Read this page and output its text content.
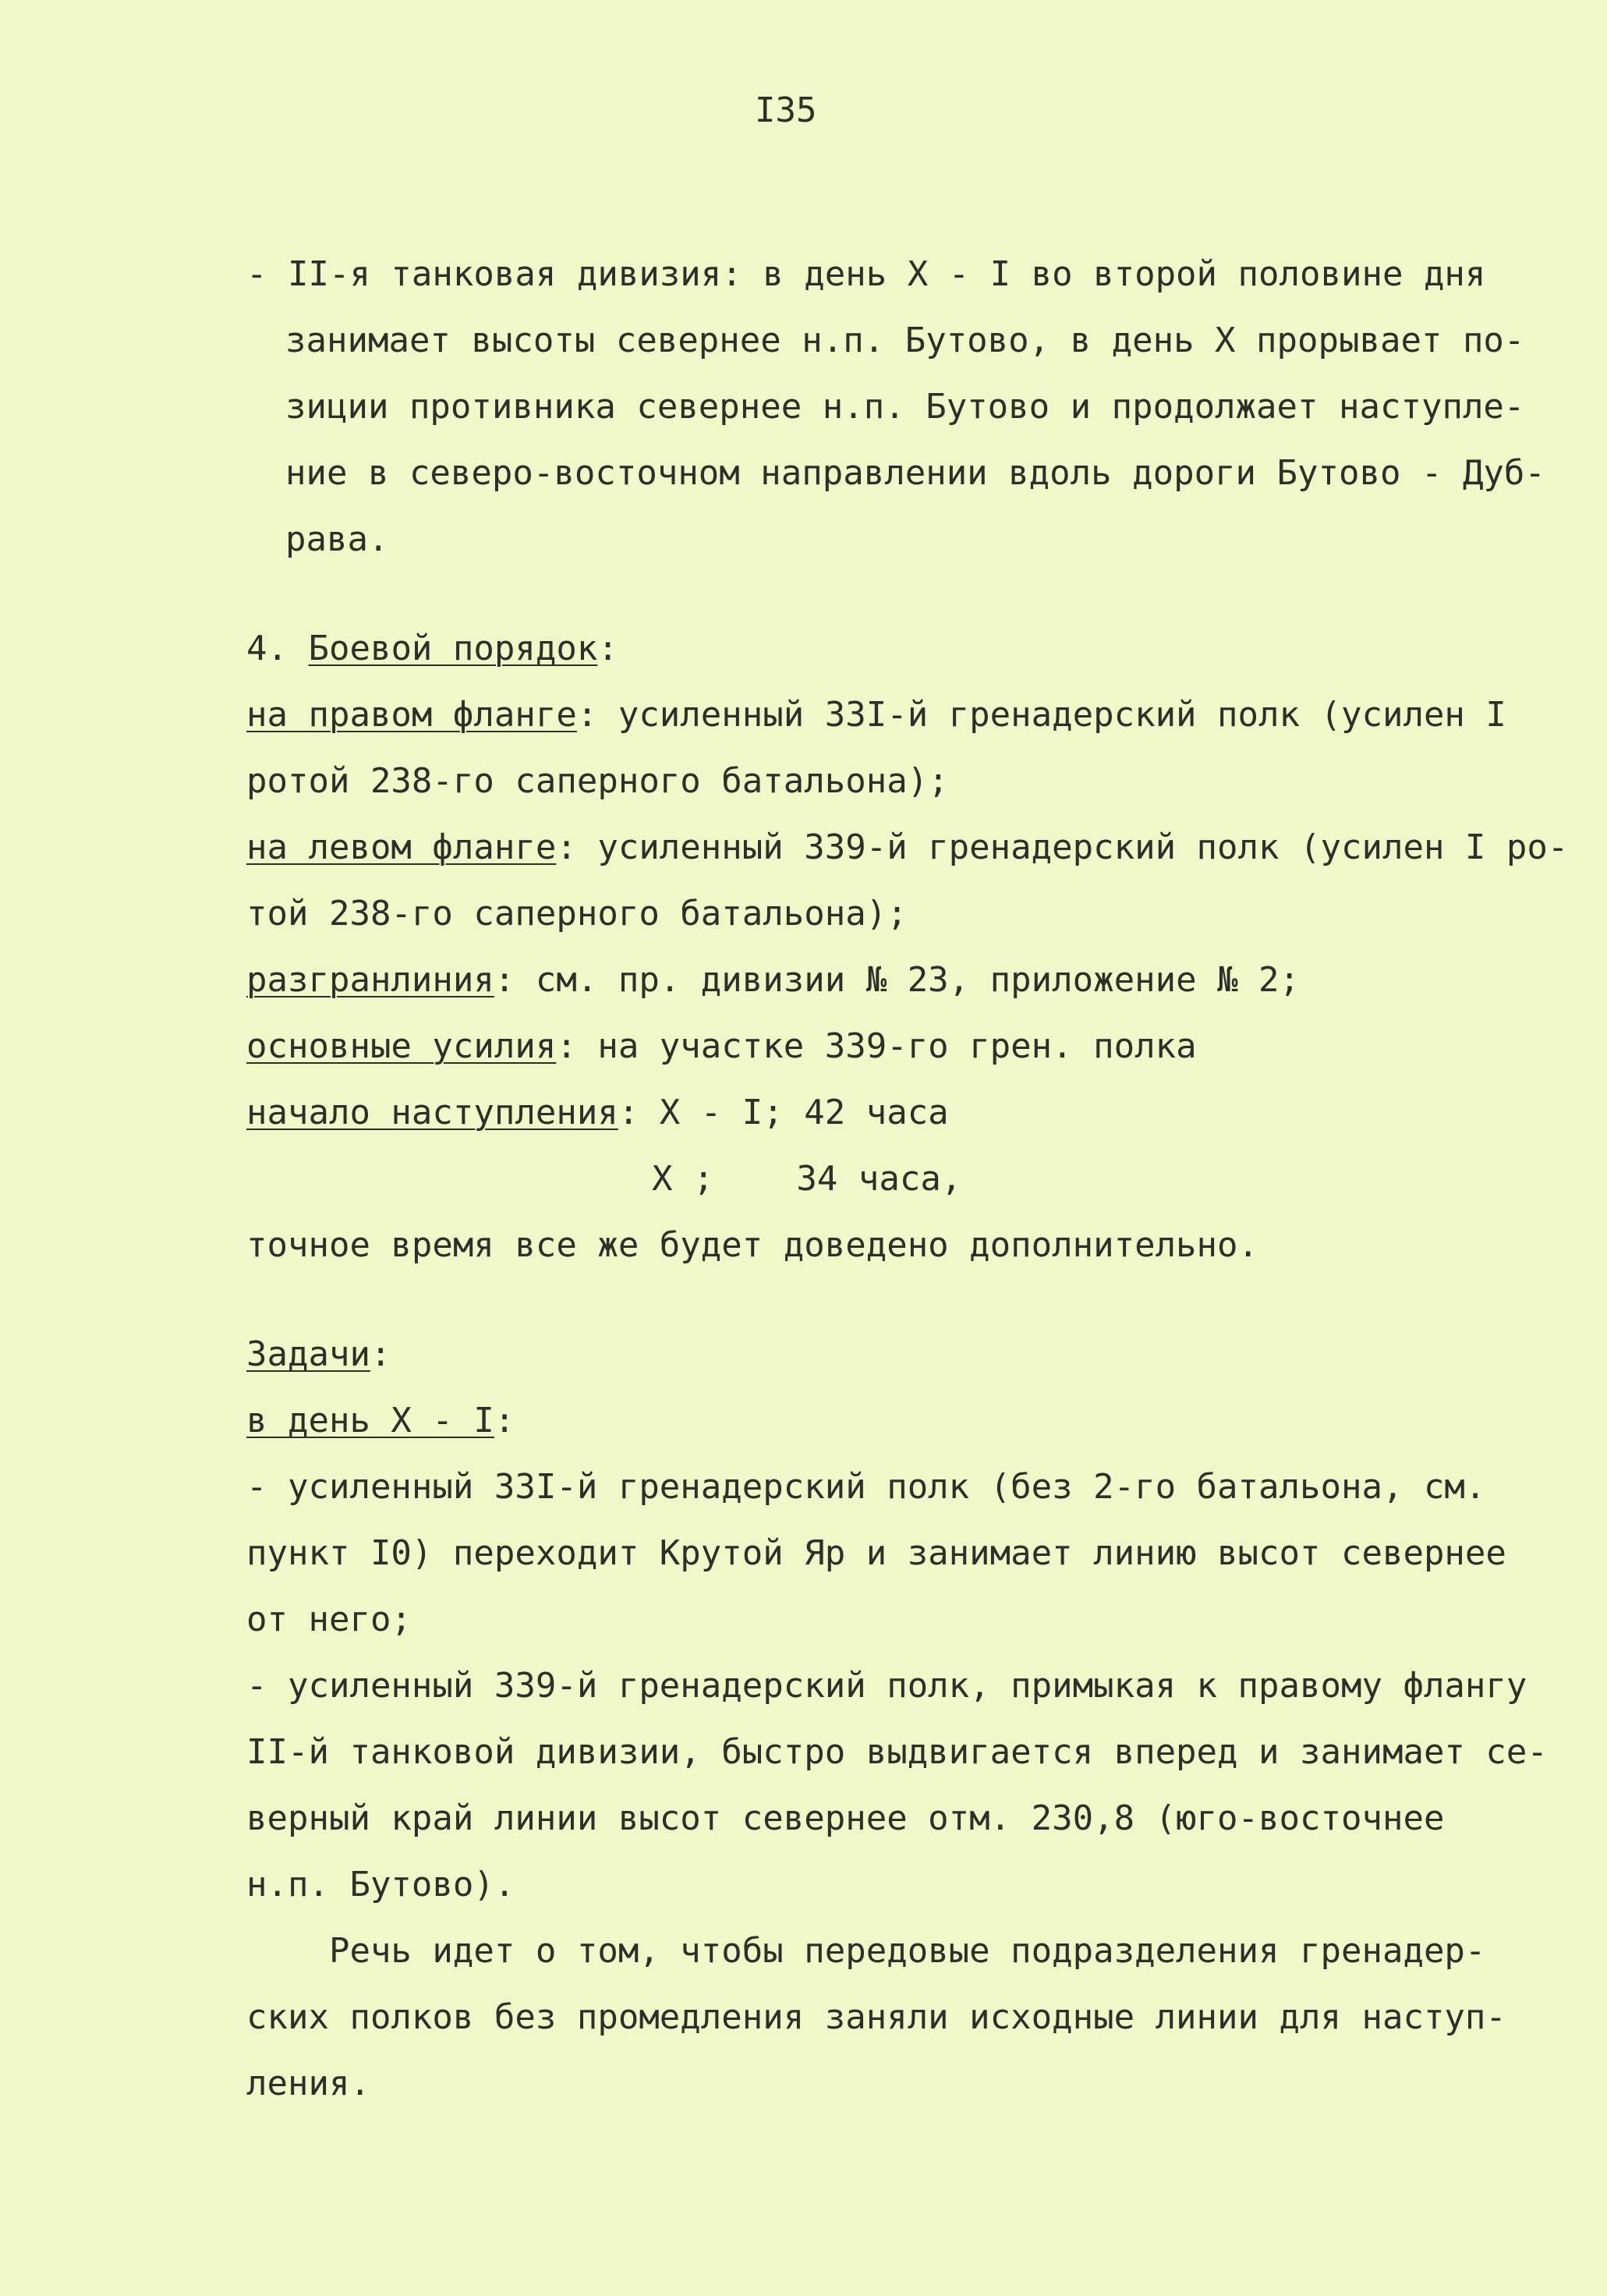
I35
- II-я танковая дивизия: в день Х - I во второй половине дня
занимает высоты севернее н.п. Бутово, в день Х прорывает по-
зиции противника севернее н.п. Бутово и продолжает наступле-
ние в северо-восточном направлении вдоль дороги Бутово - Дуб-
рава.
4. Боевой порядок:
на правом фланге: усиленный 33I-й гренадерский полк (усилен I
ротой 238-го саперного батальона);
на левом фланге: усиленный 339-й гренадерский полк (усилен I ро-
той 238-го саперного батальона);
разгранлиния: см. пр. дивизии № 23, приложение № 2;
основные усилия: на участке 339-го грен. полка
начало наступления: Х - I; 42 часа
Х ;    34 часа,
точное время все же будет доведено дополнительно.
Задачи:
в день Х - I:
- усиленный 33I-й гренадерский полк (без 2-го батальона, см.
пункт I0) переходит Крутой Яр и занимает линию высот севернее
от него;
- усиленный 339-й гренадерский полк, примыкая к правому флангу
II-й танковой дивизии, быстро выдвигается вперед и занимает се-
верный край линии высот севернее отм. 230,8 (юго-восточнее
н.п. Бутово).
Речь идет о том, чтобы передовые подразделения гренадер-
ских полков без промедления заняли исходные линии для наступ-
ления.
